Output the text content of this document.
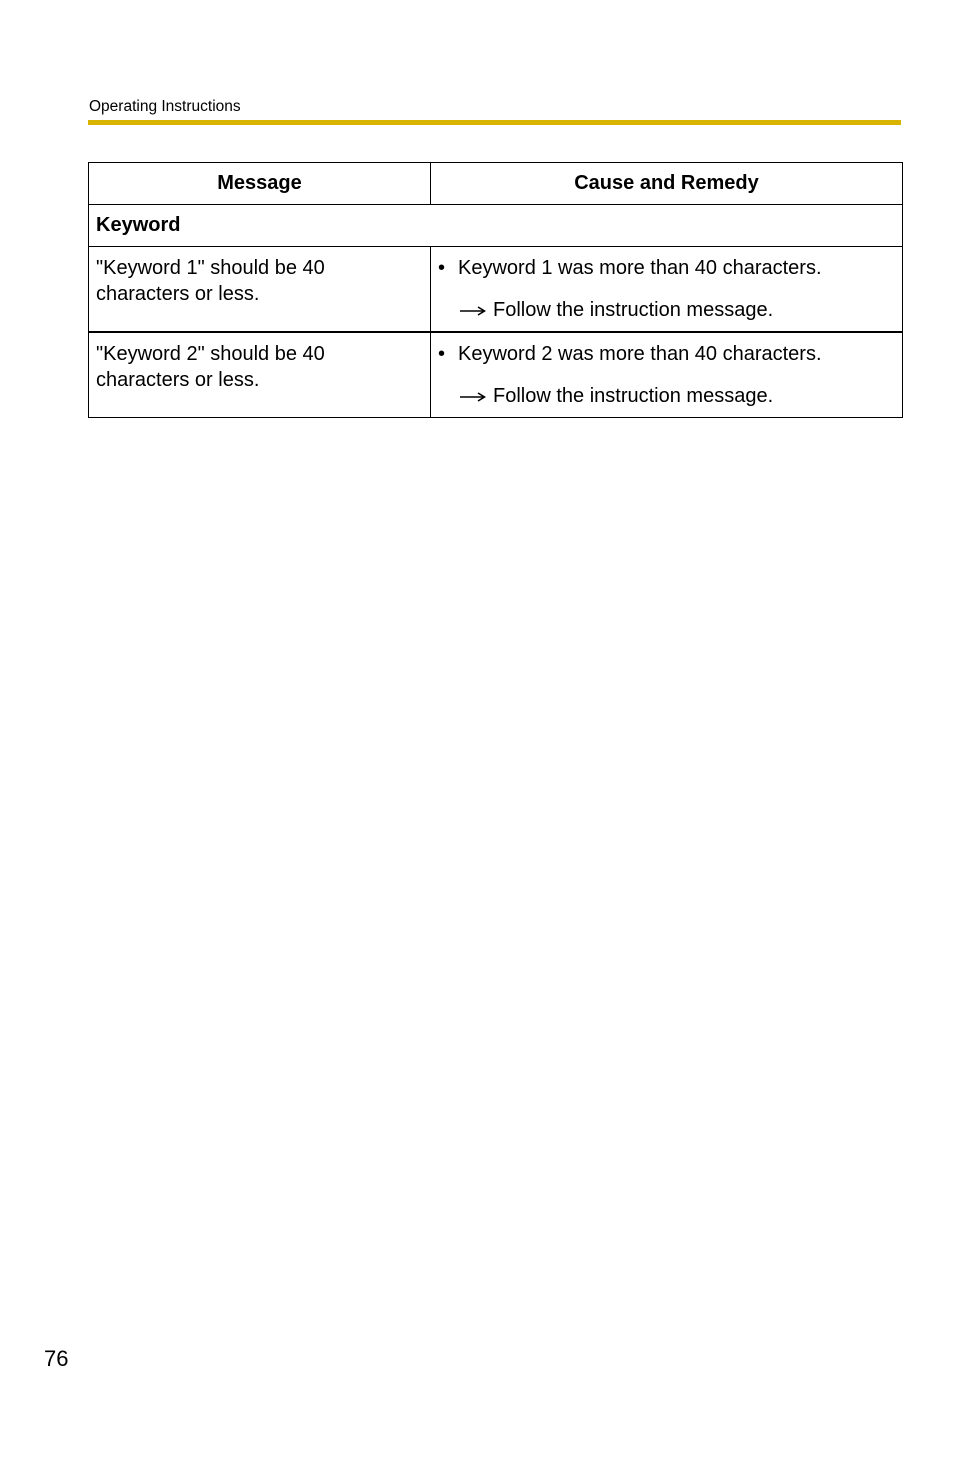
Operating Instructions
Message	Cause and Remedy
Keyword	

"Keyword 1" should be 40 characters or less.	• Keyword 1 was more than 40 characters.
Follow the instruction message.

"Keyword 2" should be 40 characters or less.	• Keyword 2 was more than 40 characters.
Follow the instruction message.
76
